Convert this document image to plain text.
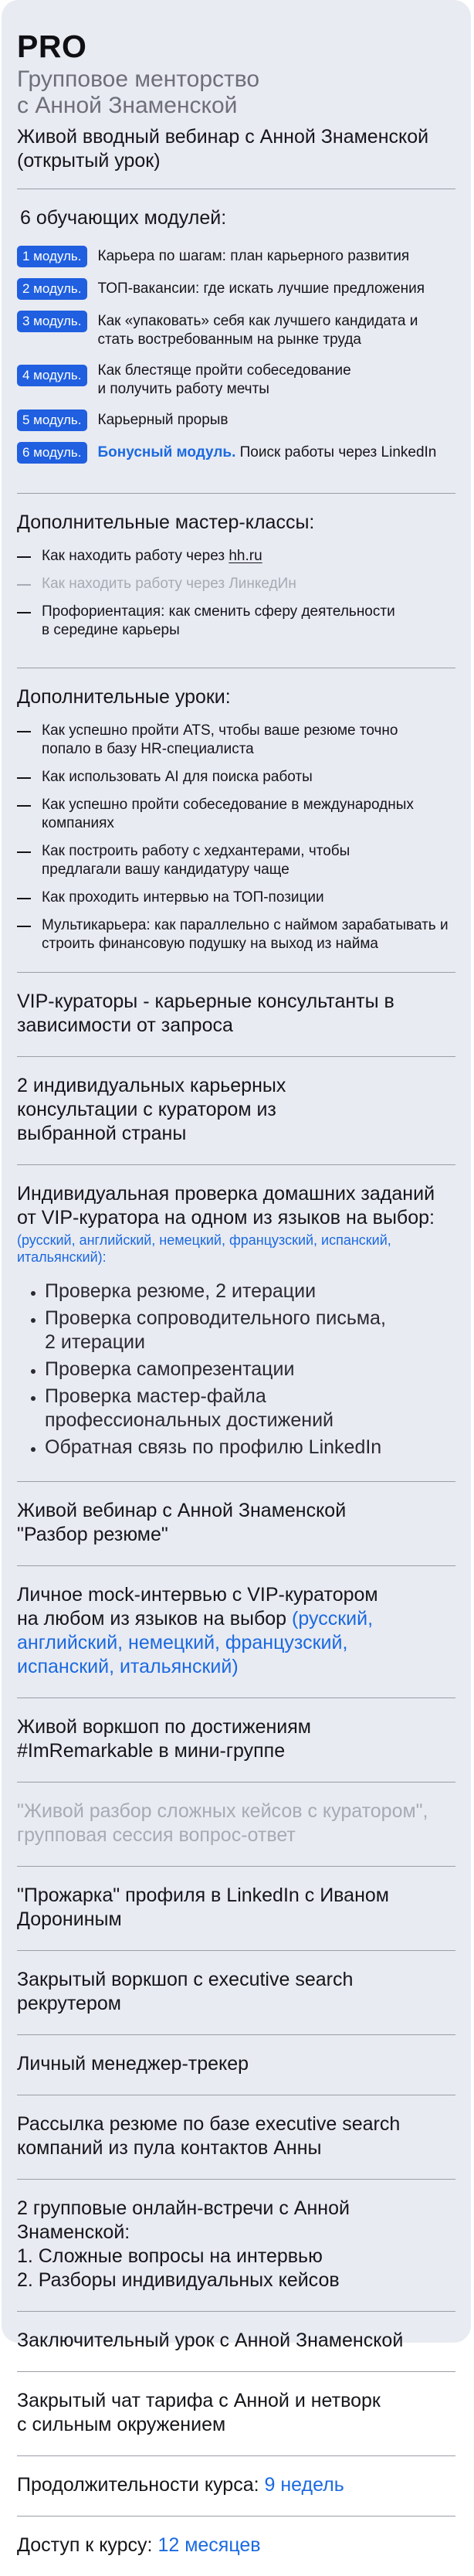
PRO
Групповое менторство
с Анной Знаменской
Живой вводный вебинар с Анной Знаменской (открытый урок)
6 обучающих модулей:
1 модуль.	Карьера по шагам: план карьерного развития
2 модуль.	ТОП-вакансии: где искать лучшие предложения
3 модуль.	Как «упаковать» себя как лучшего кандидата и стать востребованным на рынке труда
4 модуль.	Как блестяще пройти собеседование и получить работу мечты
5 модуль.	Карьерный прорыв
6 модуль.	Бонусный модуль. Поиск работы через LinkedIn
Дополнительные мастер-классы:
Как находить работу через hh.ru
Как находить работу через ЛинкедИн
Профориентация: как сменить сферу деятельности в середине карьеры
Дополнительные уроки:
Как успешно пройти ATS, чтобы ваше резюме точно попало в базу HR-специалиста
Как использовать AI для поиска работы
Как успешно пройти собеседование в международных компаниях
Как построить работу с хедхантерами, чтобы предлагали вашу кандидатуру чаще
Как проходить интервью на ТОП-позиции
Мультикарьера: как параллельно с наймом зарабатывать и строить финансовую подушку на выход из найма
VIP-кураторы - карьерные консультанты в зависимости от запроса
2 индивидуальных карьерных консультации с куратором из выбранной страны
Индивидуальная проверка домашних заданий от VIP-куратора на одном из языков на выбор:
(русский, английский, немецкий, французский, испанский, итальянский):
• Проверка резюме, 2 итерации
• Проверка сопроводительного письма, 2 итерации
• Проверка самопрезентации
• Проверка мастер-файла профессиональных достижений
• Обратная связь по профилю LinkedIn
Живой вебинар с Анной Знаменской "Разбор резюме"
Личное mock-интервью с VIP-куратором на любом из языков на выбор (русский, английский, немецкий, французский, испанский, итальянский)
Живой воркшоп по достижениям #ImRemarkable в мини-группе
"Живой разбор сложных кейсов с куратором", групповая сессия вопрос-ответ
"Прожарка" профиля в LinkedIn с Иваном Дорониным
Закрытый воркшоп с executive search рекрутером
Личный менеджер-трекер
Рассылка резюме по базе executive search компаний из пула контактов Анны
2 групповые онлайн-встречи с Анной Знаменской:
1. Сложные вопросы на интервью
2. Разборы индивидуальных кейсов
Заключительный урок с Анной Знаменской
Закрытый чат тарифа с Анной и нетворк с сильным окружением
Продолжительности курса: 9 недель
Доступ к курсу: 12 месяцев
